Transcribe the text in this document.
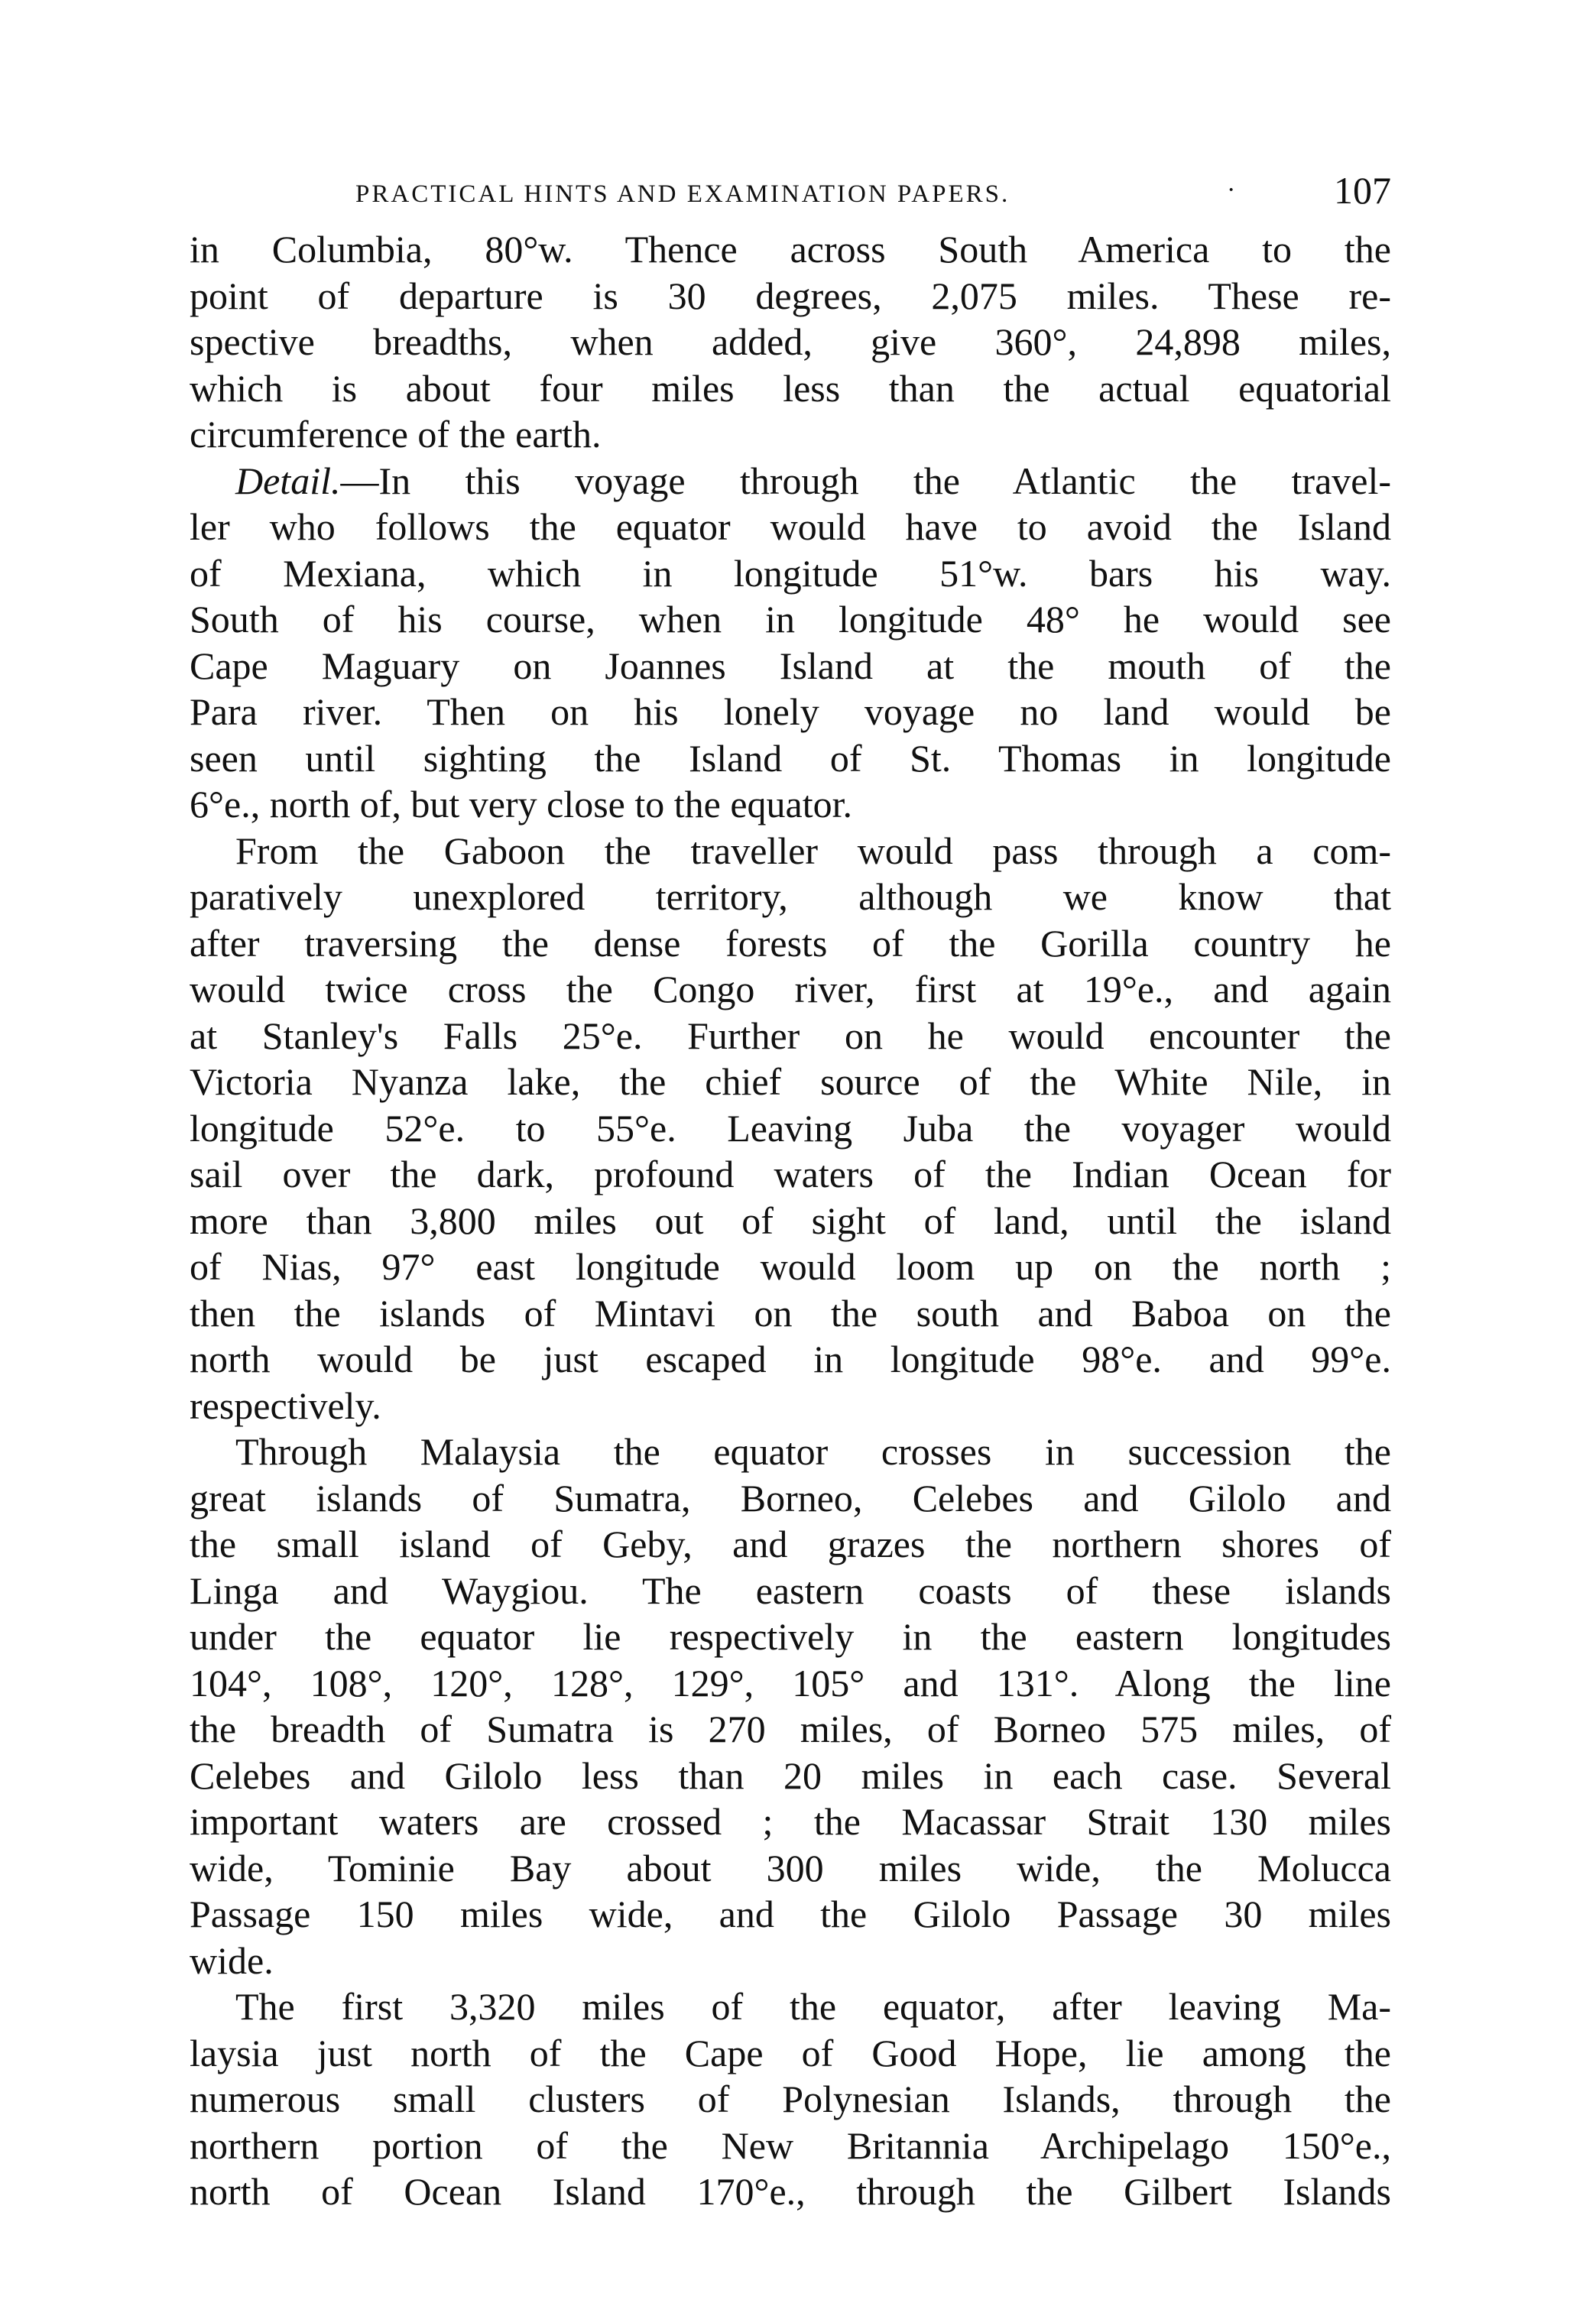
PRACTICAL HINTS AND EXAMINATION PAPERS.	·	107
in Columbia, 80°w. Thence across South America to the
point of departure is 30 degrees, 2,075 miles. These re-
spective breadths, when added, give 360°, 24,898 miles,
which is about four miles less than the actual equatorial
circumference of the earth.
Detail.—In this voyage through the Atlantic the travel-
ler who follows the equator would have to avoid the Island
of Mexiana, which in longitude 51°w. bars his way.
South of his course, when in longitude 48° he would see
Cape Maguary on Joannes Island at the mouth of the
Para river. Then on his lonely voyage no land would be
seen until sighting the Island of St. Thomas in longitude
6°e., north of, but very close to the equator.
From the Gaboon the traveller would pass through a com-
paratively unexplored territory, although we know that
after traversing the dense forests of the Gorilla country he
would twice cross the Congo river, first at 19°e., and again
at Stanley's Falls 25°e. Further on he would encounter the
Victoria Nyanza lake, the chief source of the White Nile, in
longitude 52°e. to 55°e. Leaving Juba the voyager would
sail over the dark, profound waters of the Indian Ocean for
more than 3,800 miles out of sight of land, until the island
of Nias, 97° east longitude would loom up on the north ;
then the islands of Mintavi on the south and Baboa on the
north would be just escaped in longitude 98°e. and 99°e.
respectively.
Through Malaysia the equator crosses in succession the
great islands of Sumatra, Borneo, Celebes and Gilolo and
the small island of Geby, and grazes the northern shores of
Linga and Waygiou. The eastern coasts of these islands
under the equator lie respectively in the eastern longitudes
104°, 108°, 120°, 128°, 129°, 105° and 131°. Along the line
the breadth of Sumatra is 270 miles, of Borneo 575 miles, of
Celebes and Gilolo less than 20 miles in each case. Several
important waters are crossed ; the Macassar Strait 130 miles
wide, Tominie Bay about 300 miles wide, the Molucca
Passage 150 miles wide, and the Gilolo Passage 30 miles
wide.
The first 3,320 miles of the equator, after leaving Ma-
laysia just north of the Cape of Good Hope, lie among the
numerous small clusters of Polynesian Islands, through the
northern portion of the New Britannia Archipelago 150°e.,
north of Ocean Island 170°e., through the Gilbert Islands
